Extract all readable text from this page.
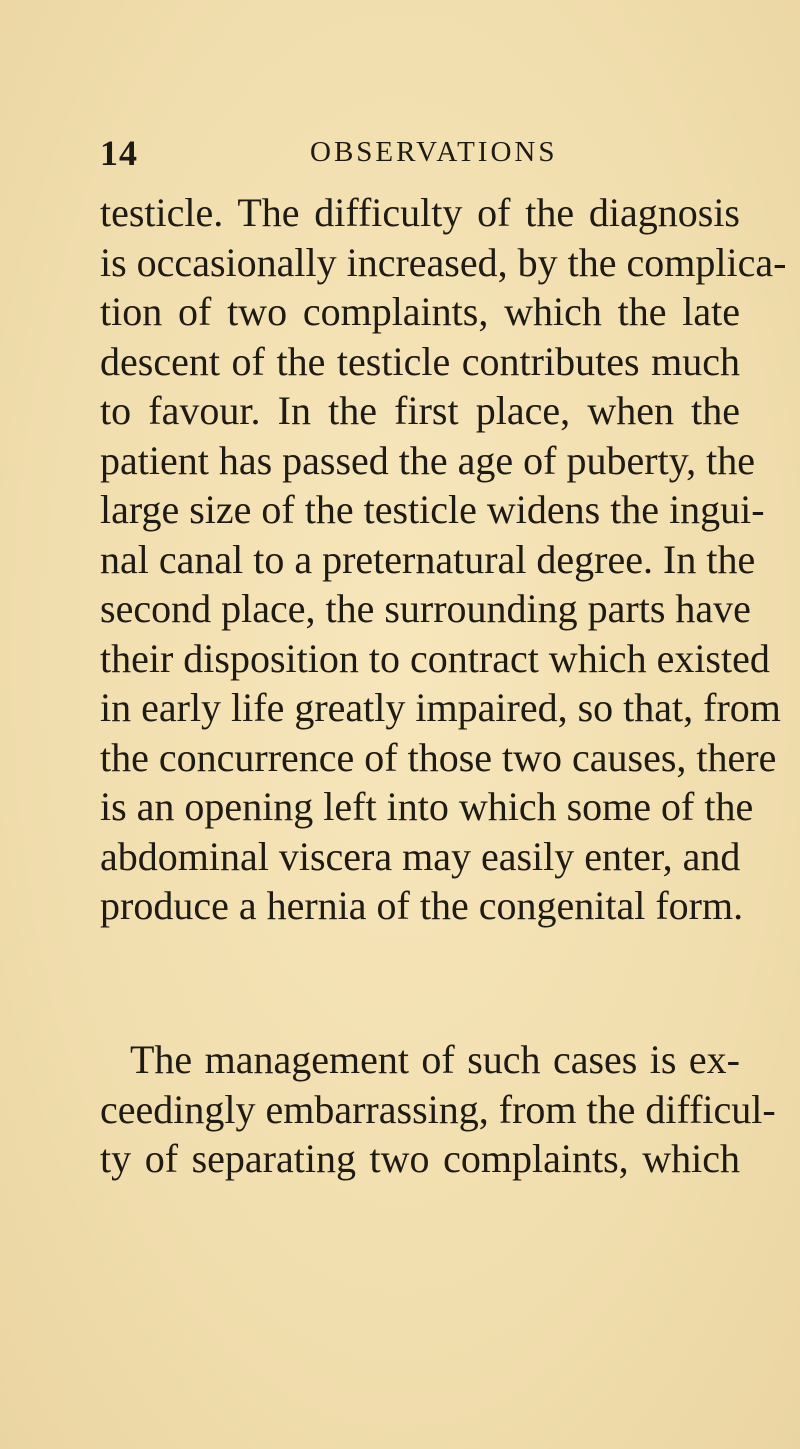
14	OBSERVATIONS
testicle. The difficulty of the diagnosis
is occasionally increased, by the complica-
tion of two complaints, which the late
descent of the testicle contributes much
to favour. In the first place, when the
patient has passed the age of puberty, the
large size of the testicle widens the ingui-
nal canal to a preternatural degree. In the
second place, the surrounding parts have
their disposition to contract which existed
in early life greatly impaired, so that, from
the concurrence of those two causes, there
is an opening left into which some of the
abdominal viscera may easily enter, and
produce a hernia of the congenital form.
The management of such cases is ex-
ceedingly embarrassing, from the difficul-
ty of separating two complaints, which
